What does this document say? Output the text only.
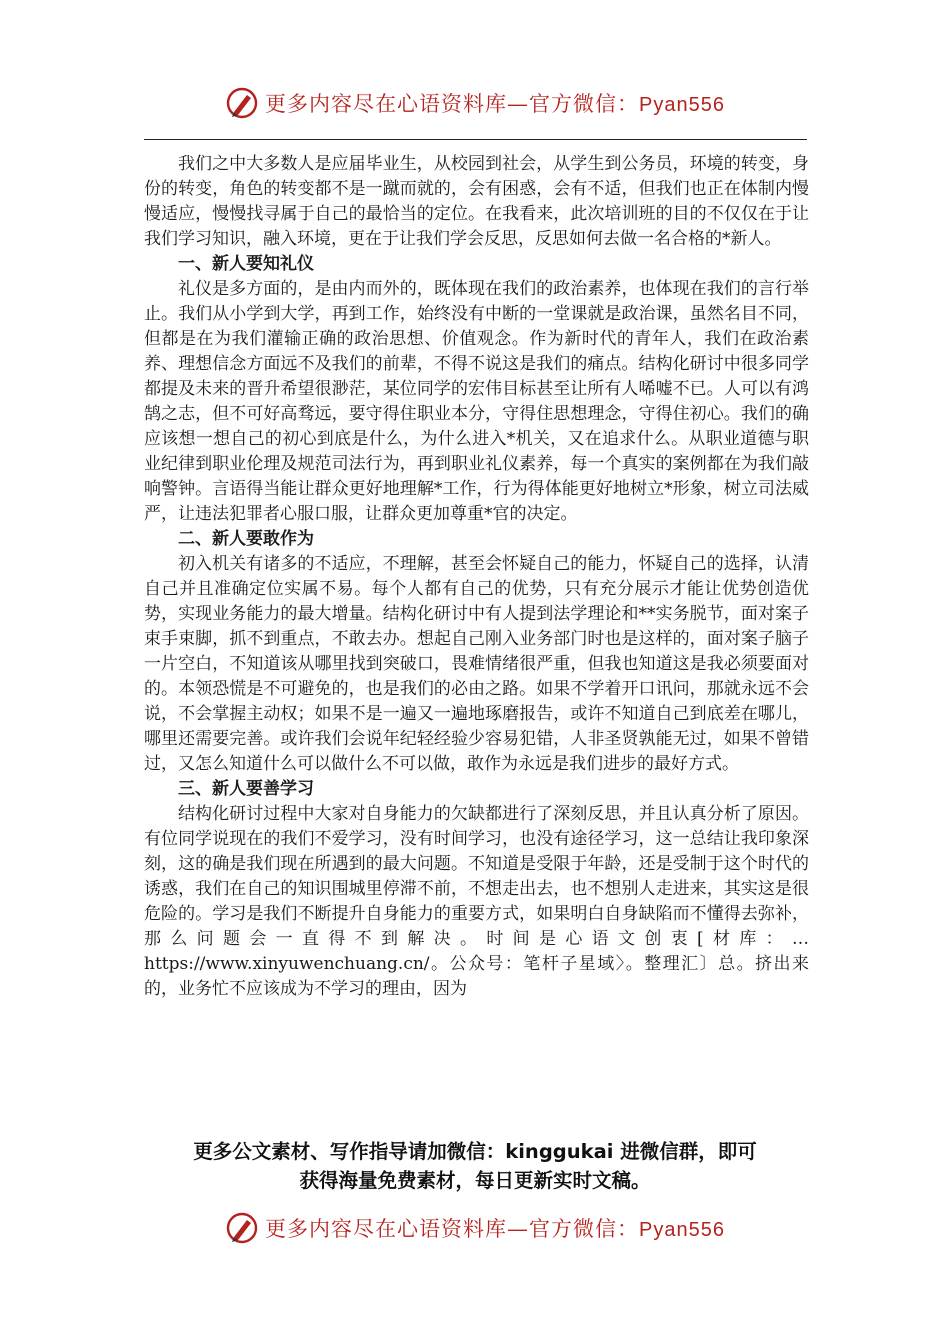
更多内容尽在心语资料库—官方微信：Pyan556

我们之中大多数人是应届毕业生，从校园到社会，从学生到公务员，环境的转变，身份的转变，角色的转变都不是一蹴而就的，会有困惑，会有不适，但我们也正在体制内慢慢适应，慢慢找寻属于自己的最恰当的定位。在我看来，此次培训班的目的不仅仅在于让我们学习知识，融入环境，更在于让我们学会反思，反思如何去做一名合格的*新人。

一、新人要知礼仪

礼仪是多方面的，是由内而外的，既体现在我们的政治素养，也体现在我们的言行举止。我们从小学到大学，再到工作，始终没有中断的一堂课就是政治课，虽然名目不同，但都是在为我们灌输正确的政治思想、价值观念。作为新时代的青年人，我们在政治素养、理想信念方面远不及我们的前辈，不得不说这是我们的痛点。结构化研讨中很多同学都提及未来的晋升希望很渺茫，某位同学的宏伟目标甚至让所有人唏嘘不已。人可以有鸿鹄之志，但不可好高骛远，要守得住职业本分，守得住思想理念，守得住初心。我们的确应该想一想自己的初心到底是什么，为什么进入*机关，又在追求什么。从职业道德与职业纪律到职业伦理及规范司法行为，再到职业礼仪素养，每一个真实的案例都在为我们敲响警钟。言语得当能让群众更好地理解*工作，行为得体能更好地树立*形象，树立司法威严，让违法犯罪者心服口服，让群众更加尊重*官的决定。

二、新人要敢作为

初入机关有诸多的不适应，不理解，甚至会怀疑自己的能力，怀疑自己的选择，认清自己并且准确定位实属不易。每个人都有自己的优势，只有充分展示才能让优势创造优势，实现业务能力的最大增量。结构化研讨中有人提到法学理论和**实务脱节，面对案子束手束脚，抓不到重点，不敢去办。想起自己刚入业务部门时也是这样的，面对案子脑子一片空白，不知道该从哪里找到突破口，畏难情绪很严重，但我也知道这是我必须要面对的。本领恐慌是不可避免的，也是我们的必由之路。如果不学着开口讯问，那就永远不会说，不会掌握主动权；如果不是一遍又一遍地琢磨报告，或许不知道自己到底差在哪儿，哪里还需要完善。或许我们会说年纪轻经验少容易犯错，人非圣贤孰能无过，如果不曾错过，又怎么知道什么可以做什么不可以做，敢作为永远是我们进步的最好方式。

三、新人要善学习

结构化研讨过程中大家对自身能力的欠缺都进行了深刻反思，并且认真分析了原因。有位同学说现在的我们不爱学习，没有时间学习，也没有途径学习，这一总结让我印象深刻，这的确是我们现在所遇到的最大问题。不知道是受限于年龄，还是受制于这个时代的诱惑，我们在自己的知识围城里停滞不前，不想走出去，也不想别人走进来，其实这是很危险的。学习是我们不断提升自身能力的重要方式，如果明白自身缺陷而不懂得去弥补，那么问题会一直得不到解决。时间是心语文创衷[材库：…https://www.xinyuwenchuang.cn/。公众号：笔杆子星域〉。整理汇〕总。挤出来的，业务忙不应该成为不学习的理由，因为

更多公文素材、写作指导请加微信：kinggukai 进微信群，即可
获得海量免费素材，每日更新实时文稿。
更多内容尽在心语资料库—官方微信：Pyan556
